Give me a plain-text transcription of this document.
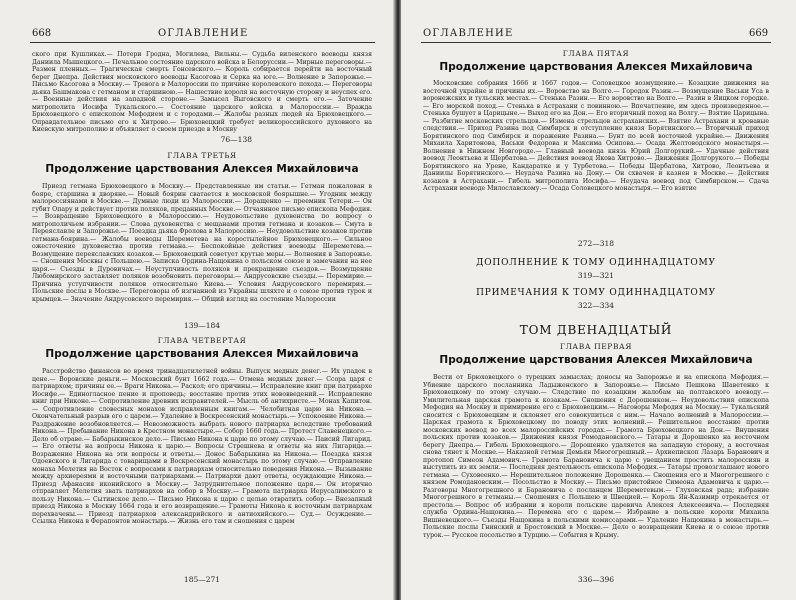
668	ОГЛАВЛЕНИЕ
ского при Кушликах.— Потери Гродна, Могилева, Вильны.— Судьба виленского воеводы князя Даниила Мышецкого.— Печальное состояние царского войска в Белоруссии.— Мирные переговоры.— Размен пленных.— Трагическая смерть Гонсевского.— Король собирается перейти на восточный берег Днепра. Действия московского воеводы Касогова и Серка на юге.— Волнение в Запорожье.— Письмо Касогова в Москву.— Тревога в Малороссии по причине королевского похода.— Переговоры дьяка Башмакова с гетманом и старшиною.— Нашествие короля на восточную сторону и неуспех его.— Военные действия на западной стороне.— Замысел Выговского и смерть его.— Заточение митрополита Иосифа Тукальского.— Состояние царского войска в Малороссии.— Вражда Брюховецкого с епископом Мефодием и с городами.— Жалобы разных людей на Брюховецкого.— Оправдательное письмо его к Хитрово.— Брюховецкий требует великороссийского духовного на Киевскую митрополию и объявляет о своем приезде в Москву
76—138
ГЛАВА ТРЕТЬЯ
Продолжение царствования Алексея Михайловича
Приезд гетмана Брюховецкого в Москву.— Представленные им статьи.— Гетман пожалован в бояре, старшина в дворяне.— Новый боярин сватается в московской боярышне.— Угодник между малороссиянами в Москве.— Думные люди из Малороссии.— Доращенко — преемник Тетери.— Он губит Опару и действует против поляков, преданных Москве.— Отчаянное письмо епископа Мефодия.— Возвращение Брюховецкого в Малороссию.— Неудовольствие духовенства по вопросу о митрополичьем избрании.— Слова духовенства с мещанами против гетмана и козаков.— Смута в Переяславле и Запорожье.— Поездка дьяка Фролова в Малороссию.— Неудовольствие козаков против гетмана-боярина.— Жалобы воеводы Шереметева на коростылейное Брюховецкого.— Сильное ожесточение духовенства против гетмана.— Беспокойные действия воеводы Шереметева.— Возмущение переяславских козаков.— Брюховецкий советует крутые меры.— Волнения в Запорожье.— Сношения Москвы с Польшею.— Записка Ордина-Нащокина о польском союзе и замечания на нее царя.— Съезды в Дуровичах.— Неуступчивость поляков и прекращение съездов.— Возмущение Любомирского заставляет поляков возобновить переговоры.— Андрусовские съезды.— Перемирие.— Причина уступчивости поляков относительно Киева.— Условия Андрусовского перемирия.— Польские послы в Москве.— Переговоры об изгнанной из Украйны шляхте и о союзе против турок и крымцев.— Значение Андрусовского перемирия.— Общий взгляд на состояние Малороссии
139—184
ГЛАВА ЧЕТВЕРТАЯ
Продолжение царствования Алексея Михайловича
Расстройство финансов во время тринадцатилетней войны. Выпуск медных денег.— Их упадок в цене.— Воровские деньги.— Московский бунт 1662 года.— Отмена медных денег.— Ссора царя с патриархом; причины ее.— Враги Никона.— Раскол; его причины.— Исправление книг при патриархе Иосифе.— Единогласное пение и проповедь; восстание против этих нововведений.— Исправление книг при Никоне.— Сопротивление древних исправителей.— Мысль об антихристе.— Монах Капитон.— Сопротивление словесных монахов исправленным книгам.— Челобитная царю на Никона.— Окончательный разрыв его с царем.— Удаление в Воскресенский монастырь.— Успокоение Никона.— Раздражение возобновляется.— Невозможность выбрать нового патриарха вследствие требований Никона.— Пребывание Никона в Крестном монастыре.— Собор 1660 года.— Протест Славенецкого.— Дело об отраве.— Бабарыкинское дело.— Письмо Никона к царю по этому случаю.— Паисий Лигарид.— Его ответы на вопросы Никона к царю.— Вопросы Стрешнева и ответы на них Лигарида.— Возражение Никона на эти вопросы и ответы.— Донос Бабарыкина на Никона.— Поездка князя Одоевского и Лигарида с товарищами в Воскресенский монастырь по этому случаю.— Отправление монаха Мелетия на Восток с вопросами к патриархам относительно поведения Никона.— Вызывание между архиереями и восточными патриархами.— Патриархи дают ответы, осуждающие Никона.— Приезд Афанасия иконийского в Москву.— Затруднительное положение царя.— Он вторично отправляет Мелетия звать патриархов на собор в Москву.— Грамота патриарха Иерусалимского в пользу Никона.— Сытинское дело.— Письмо Никона к царю с целью отвратить собор.— Внезапный приезд Никона в Москву 1664 года и его возвращение.— Грамоты Никона к восточным патриархам перехвачены.— Приезд патриархов александрийского и антиохийского.— Суд.— Осуждение.— Ссылка Никона в Ферапонтов монастырь.— Жизнь его там и сношения с царем
185—271
ОГЛАВЛЕНИЕ	669
ГЛАВА ПЯТАЯ
Продолжение царствования Алексея Михайловича
Московские собрания 1666 и 1667 годов.— Соловецкое возмущение.— Козацкие движения на восточной украйне и причины их.— Воровство на Волге.— Городок Разин.— Возмущение Васьки Уса в воронежских и тульских местах.— Стенька Разин.— Его воровство на Волге.— Разин в Яицком городке.— Его морской поход.— Стенька в Астрахани с повинною.— Впечатление, им здесь произведенное.— Стенька бушует в Царицыне.— Выход его на Дон.— Его вторичный поход на Волгу.— Взятие Царицына.— Разбитие московских стрельцов.— Измена стрельцов астраханских.— Взятие Астрахани и кровавые следствия.— Приход Разина под Симбирск и отступление князя Борятинского.— Вторичный приход Борятинского под Симбирск и поражение Разина.— Бунт по всей восточной украйне.— Движения Михаила Харитонова, Васьки Федорова и Максима Осипова.— Осада Желтоводского монастыря.— Волнения в Нижнем Новгороде.— Главный воевода князь Юрий Долгорукий.— Удачные действия воевод Леонтьева и Щербатова.— Действия воевод Якова Хитрово.— Движения Долгорукого.— Победы Борятинского на Урене, Кандаратке и у Турбетова.— Победы Щербатова, Хитрово, Леонтьева и Даниилы Борятинского.— Неудача Разина на Дону.— Он схвачен и казнен в Москве.— Действия козаков в Астрахани.— Гибель митрополита Иосифа.— Неудача воевод под Симбирском.— Сдача Астрахани воеводе Милославскому.— Осада Соловецкого монастыря.— Его взятие
272—318
ДОПОЛНЕНИЕ К ТОМУ ОДИННАДЦАТОМУ
319—321
ПРИМЕЧАНИЯ К ТОМУ ОДИННАДЦАТОМУ
322—334
ТОМ ДВЕНАДЦАТЫЙ
ГЛАВА ПЕРВАЯ
Продолжение царствования Алексея Михайловича
Вести от Брюховецкого о турецких замыслах; доносы на Запорожье и на епископа Мефодия.— Убиение царского посланника Ладыженского в Запорожье.— Письмо Пешкова Шаветенко к Брюховецкому по этому случаю.— Следствие по козацким жалобам на полтавского воеводу.— Умилительная царская грамота к козакам.— Сношения с Дорошенком.— Неудовольствия епископа Мефодия на Москву и примирение его с Брюховецким.— Наговоры Мефодия на Москву.— Тукальский сносится с Брюховецким и склоняет его совокупиться с ним.— Начало волнений в Малороссии.— Царская грамота к Брюховецкому по поводу этих волнений.— Решительное восстание против московских воевод во всех малороссийских городах.— Грамота Брюховецкого на Дон.— Внушения польских против козаков.— Движения князя Ромодановского.— Татары и Дорошенко на восточном берегу Днепра.— Гибель Брюховецкого.— Дорошенко удаляется на западную сторону, а восточная снова тянет к Москве.— Наказной гетман Демьян Многогрешный.— Архиепископ Лазарь Баранович и протопоп Симеон Адамович.— Грамота Барановича к царю с увещанием простить малороссиян и выступить из их земли.— Последняя деятельность епископа Мефодия.— Татары провозглашают нового гетмана — Суховеенко.— Нерешительное положение Дорошенка.— Сношения его и Многогрешного с князем Ромодановским.— Посольство в Москву.— Письмо пристойное Симеона Адамовича к царю.— Разговоры Многогрешного и Барановича с посланцем Шереметевым.— Глуховская рада; избрание Многогрешного в гетманы.— Сношения с Польшею и Швецией.— Король Ян-Казимир отрекается от престола.— Вопрос об избрании в короли польские царевича Алексея Алексеевича.— Последняя служба Ордина-Нащокина.— Перемена его с царем.— Избрание в польские короли Михаила Вишневецкого.— Съезды Нащокина в польскими комиссарами.— Удаление Нащокина в монастырь.— Польские послы Гнинский и Бростовский в Москве.— Дело о возвращении Киева и о союзе против турок.— Русское посольство в Турцию.— События в Крыму.
336—396
